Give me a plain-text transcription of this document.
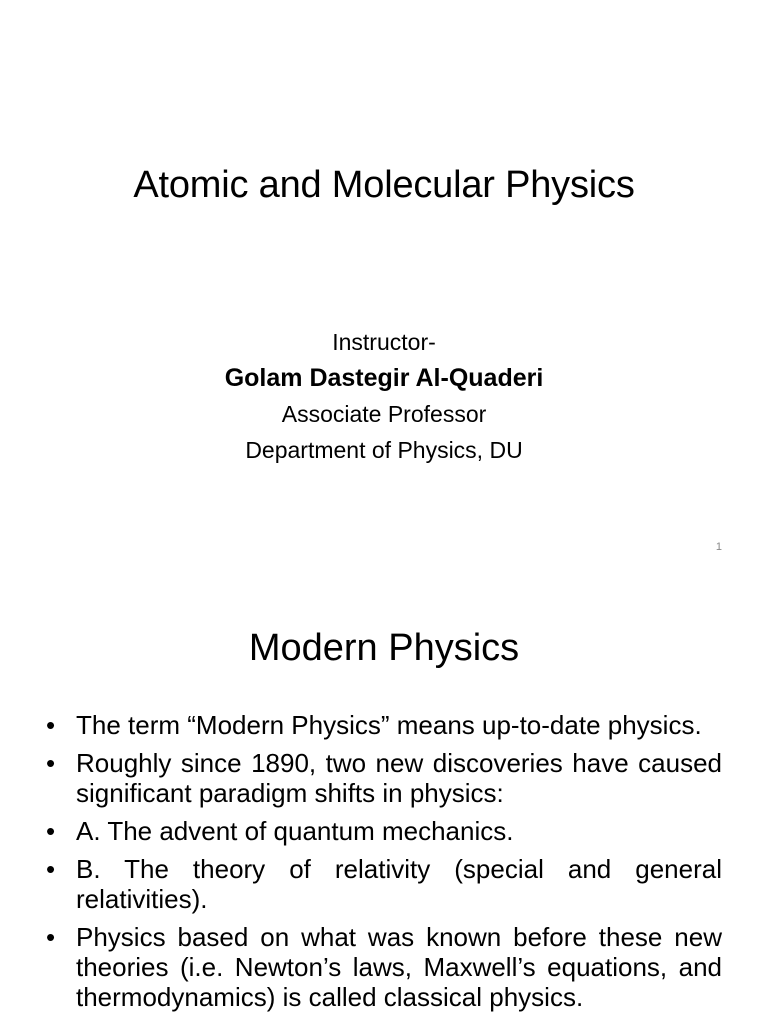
Atomic and Molecular Physics
Instructor-
Golam Dastegir Al-Quaderi
Associate Professor
Department of Physics, DU
1
Modern Physics
• The term “Modern Physics” means up-to-date physics.
• Roughly since 1890, two new discoveries have caused significant paradigm shifts in physics:
• A. The advent of quantum mechanics.
• B. The theory of relativity (special and general relativities).
• Physics based on what was known before these new theories (i.e. Newton’s laws, Maxwell’s equations, and thermodynamics) is called classical physics.
